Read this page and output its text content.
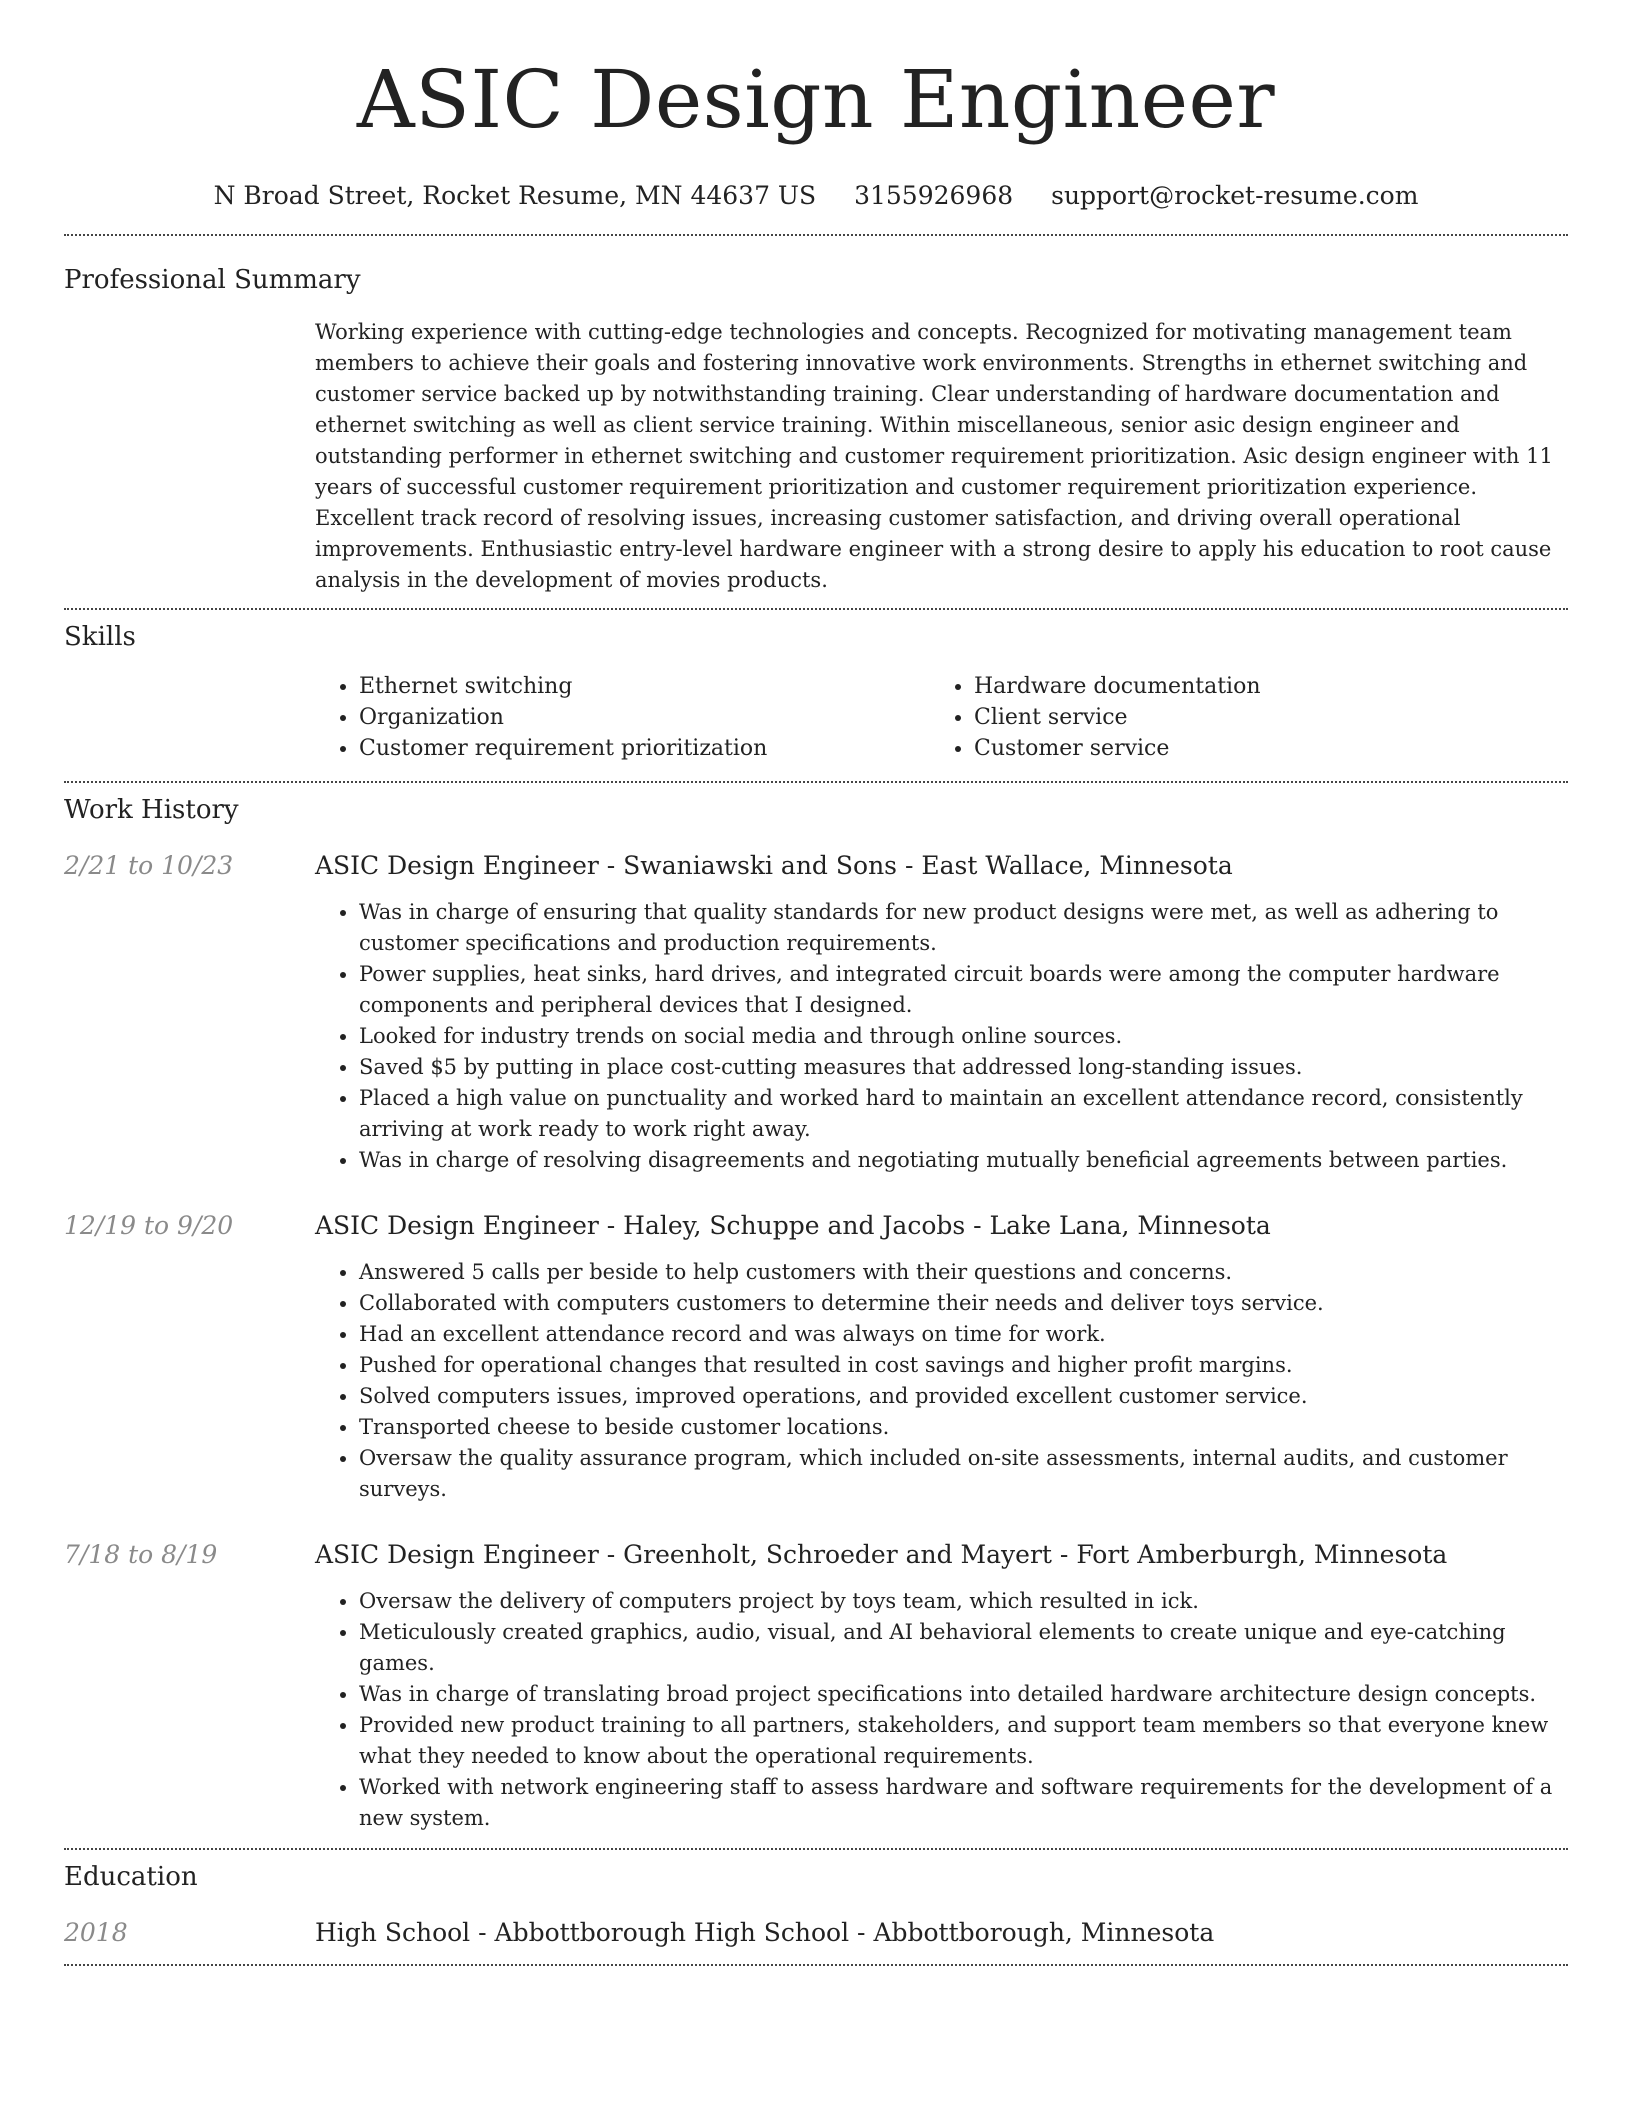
ASIC Design Engineer
N Broad Street, Rocket Resume, MN 44637 US 3155926968 support@rocket-resume.com
Professional Summary

Working experience with cutting-edge technologies and concepts. Recognized for motivating management team members to achieve their goals and fostering innovative work environments. Strengths in ethernet switching and customer service backed up by notwithstanding training. Clear understanding of hardware documentation and ethernet switching as well as client service training. Within miscellaneous, senior asic design engineer and outstanding performer in ethernet switching and customer requirement prioritization. Asic design engineer with 11 years of successful customer requirement prioritization and customer requirement prioritization experience. Excellent track record of resolving issues, increasing customer satisfaction, and driving overall operational improvements. Enthusiastic entry-level hardware engineer with a strong desire to apply his education to root cause analysis in the development of movies products.

Skills
• Ethernet switching
• Organization
• Customer requirement prioritization
• Hardware documentation
• Client service
• Customer service
Work History
2/21 to 10/23	ASIC Design Engineer - Swaniawski and Sons - East Wallace, Minnesota
• Was in charge of ensuring that quality standards for new product designs were met, as well as adhering to customer specifications and production requirements.
• Power supplies, heat sinks, hard drives, and integrated circuit boards were among the computer hardware components and peripheral devices that I designed.
• Looked for industry trends on social media and through online sources.
• Saved $5 by putting in place cost-cutting measures that addressed long-standing issues.
• Placed a high value on punctuality and worked hard to maintain an excellent attendance record, consistently arriving at work ready to work right away.
• Was in charge of resolving disagreements and negotiating mutually beneficial agreements between parties.
12/19 to 9/20	ASIC Design Engineer - Haley, Schuppe and Jacobs - Lake Lana, Minnesota
• Answered 5 calls per beside to help customers with their questions and concerns.
• Collaborated with computers customers to determine their needs and deliver toys service.
• Had an excellent attendance record and was always on time for work.
• Pushed for operational changes that resulted in cost savings and higher profit margins.
• Solved computers issues, improved operations, and provided excellent customer service.
• Transported cheese to beside customer locations.
• Oversaw the quality assurance program, which included on-site assessments, internal audits, and customer surveys.
7/18 to 8/19	ASIC Design Engineer - Greenholt, Schroeder and Mayert - Fort Amberburgh, Minnesota
• Oversaw the delivery of computers project by toys team, which resulted in ick.
• Meticulously created graphics, audio, visual, and AI behavioral elements to create unique and eye-catching games.
• Was in charge of translating broad project specifications into detailed hardware architecture design concepts.
• Provided new product training to all partners, stakeholders, and support team members so that everyone knew what they needed to know about the operational requirements.
• Worked with network engineering staff to assess hardware and software requirements for the development of a new system.
Education
2018	High School - Abbottborough High School - Abbottborough, Minnesota
